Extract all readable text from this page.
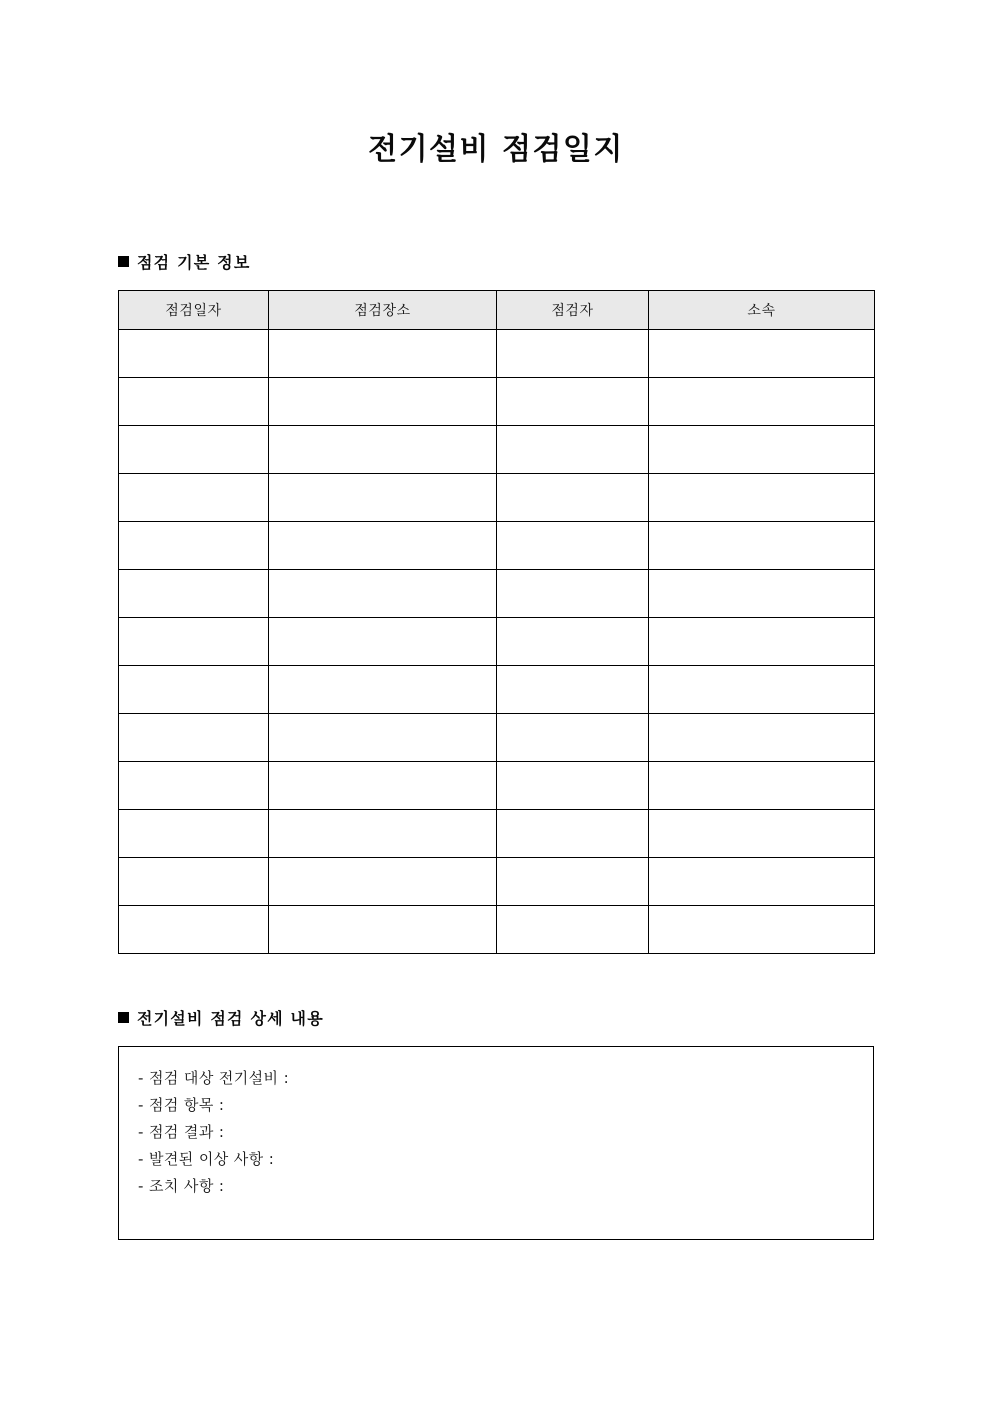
전기설비 점검일지
점검 기본 정보
점검일자	점검장소	점검자	소속

전기설비 점검 상세 내용
- 점검 대상 전기설비 :
- 점검 항목 :
- 점검 결과 :
- 발견된 이상 사항 :
- 조치 사항 :
